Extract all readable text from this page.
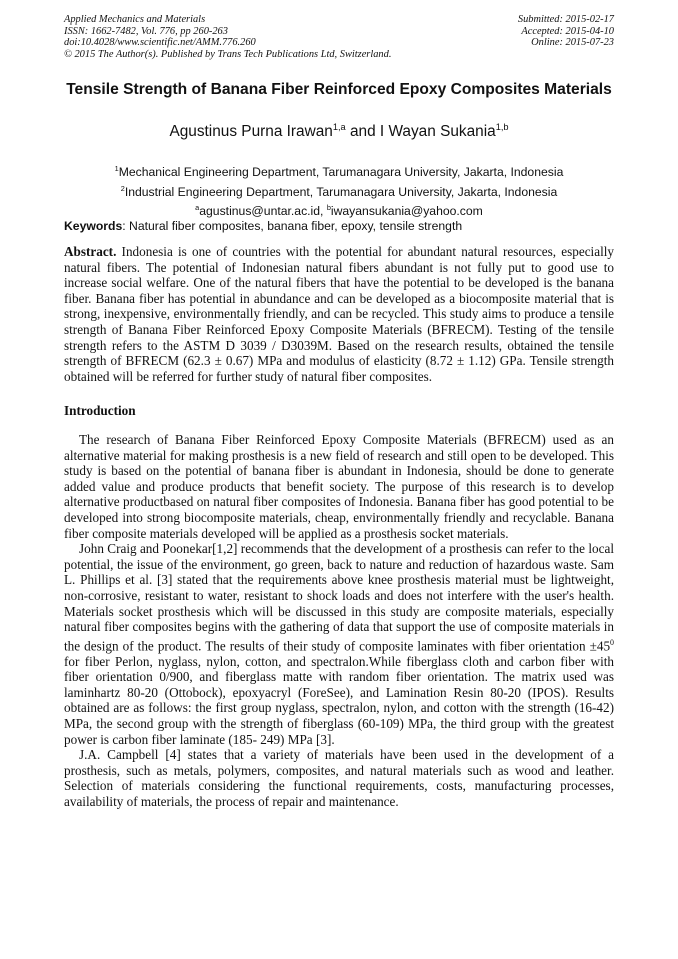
Applied Mechanics and Materials
ISSN: 1662-7482, Vol. 776, pp 260-263
doi:10.4028/www.scientific.net/AMM.776.260
© 2015 The Author(s). Published by Trans Tech Publications Ltd, Switzerland.
Submitted: 2015-02-17
Accepted: 2015-04-10
Online: 2015-07-23
Tensile Strength of Banana Fiber Reinforced Epoxy Composites Materials
Agustinus Purna Irawan$^{1,a}$ and I Wayan Sukania$^{1,b}$
$^1$Mechanical Engineering Department, Tarumanagara University, Jakarta, Indonesia
$^2$Industrial Engineering Department, Tarumanagara University, Jakarta, Indonesia
$^a$agustinus@untar.ac.id, $^b$iwayansukania@yahoo.com
Keywords: Natural fiber composites, banana fiber, epoxy, tensile strength

Abstract. Indonesia is one of countries with the potential for abundant natural resources, especially natural fibers. The potential of Indonesian natural fibers abundant is not fully put to good use to increase social welfare. One of the natural fibers that have the potential to be developed is the banana fiber. Banana fiber has potential in abundance and can be developed as a biocomposite material that is strong, inexpensive, environmentally friendly, and can be recycled. This study aims to produce a tensile strength of Banana Fiber Reinforced Epoxy Composite Materials (BFRECM). Testing of the tensile strength refers to the ASTM D 3039 / D3039M. Based on the research results, obtained the tensile strength of BFRECM (62.3 ± 0.67) MPa and modulus of elasticity (8.72 ± 1.12) GPa. Tensile strength obtained will be referred for further study of natural fiber composites.

Introduction

The research of Banana Fiber Reinforced Epoxy Composite Materials (BFRECM) used as an alternative material for making prosthesis is a new field of research and still open to be developed. This study is based on the potential of banana fiber is abundant in Indonesia, should be done to generate added value and produce products that benefit society. The purpose of this research is to develop alternative productbased on natural fiber composites of Indonesia. Banana fiber has good potential to be developed into strong biocomposite materials, cheap, environmentally friendly and recyclable. Banana fiber composite materials developed will be applied as a prosthesis socket materials.

John Craig and Poonekar[1,2] recommends that the development of a prosthesis can refer to the local potential, the issue of the environment, go green, back to nature and reduction of hazardous waste. Sam L. Phillips et al. [3] stated that the requirements above knee prosthesis material must be lightweight, non-corrosive, resistant to water, resistant to shock loads and does not interfere with the user's health. Materials socket prosthesis which will be discussed in this study are composite materials, especially natural fiber composites begins with the gathering of data that support the use of composite materials in the design of the product. The results of their study of composite laminates with fiber orientation $\pm 45^0$ for fiber Perlon, nyglass, nylon, cotton, and spectralon.While fiberglass cloth and carbon fiber with fiber orientation 0/900, and fiberglass matte with random fiber orientation. The matrix used was laminhartz 80-20 (Ottobock), epoxyacryl (ForeSee), and Lamination Resin 80-20 (IPOS). Results obtained are as follows: the first group nyglass, spectralon, nylon, and cotton with the strength (16-42) MPa, the second group with the strength of fiberglass (60-109) MPa, the third group with the greatest power is carbon fiber laminate (185- 249) MPa [3].

J.A. Campbell [4] states that a variety of materials have been used in the development of a prosthesis, such as metals, polymers, composites, and natural materials such as wood and leather. Selection of materials considering the functional requirements, costs, manufacturing processes, availability of materials, the process of repair and maintenance.
